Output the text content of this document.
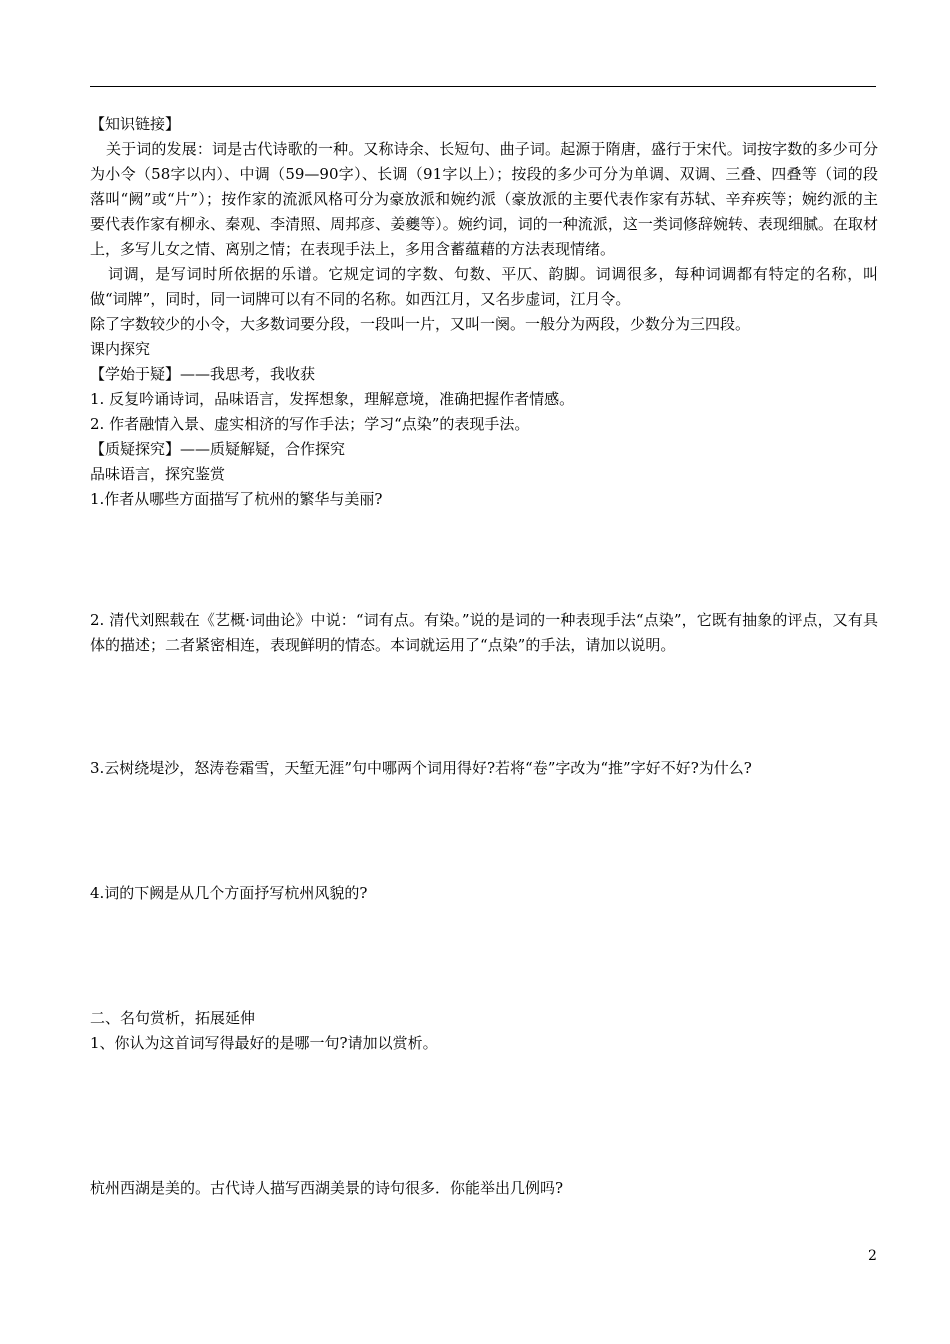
【知识链接】
关于词的发展：词是古代诗歌的一种。又称诗余、长短句、曲子词。起源于隋唐，盛行于宋代。词按字数的多少可分为小令（58字以内）、中调（59—90字）、长调（91字以上）；按段的多少可分为单调、双调、三叠、四叠等（词的段落叫“阙”或“片”）；按作家的流派风格可分为豪放派和婉约派（豪放派的主要代表作家有苏轼、辛弃疾等；婉约派的主要代表作家有柳永、秦观、李清照、周邦彦、姜夔等）。婉约词，词的一种流派，这一类词修辞婉转、表现细腻。在取材上，多写儿女之情、离别之情；在表现手法上，多用含蓄蕴藉的方法表现情绪。
词调，是写词时所依据的乐谱。它规定词的字数、句数、平仄、韵脚。词调很多，每种词调都有特定的名称，叫做“词牌”，同时，同一词牌可以有不同的名称。如西江月，又名步虚词，江月令。
除了字数较少的小令，大多数词要分段，一段叫一片，又叫一阕。一般分为两段，少数分为三四段。
课内探究
【学始于疑】——我思考，我收获
1. 反复吟诵诗词，品味语言，发挥想象，理解意境，准确把握作者情感。
2. 作者融情入景、虚实相济的写作手法；学习“点染”的表现手法。
【质疑探究】——质疑解疑，合作探究
品味语言，探究鉴赏
1.作者从哪些方面描写了杭州的繁华与美丽?
2. 清代刘熙载在《艺概·词曲论》中说：“词有点。有染。”说的是词的一种表现手法“点染”，它既有抽象的评点，又有具体的描述；二者紧密相连，表现鲜明的情态。本词就运用了“点染”的手法，请加以说明。
3.云树绕堤沙，怒涛卷霜雪，天堑无涯”句中哪两个词用得好?若将“卷”字改为“推”字好不好?为什么?
4.词的下阙是从几个方面抒写杭州风貌的?
二、名句赏析，拓展延伸
1、你认为这首词写得最好的是哪一句?请加以赏析。
杭州西湖是美的。古代诗人描写西湖美景的诗句很多．你能举出几例吗?
2
